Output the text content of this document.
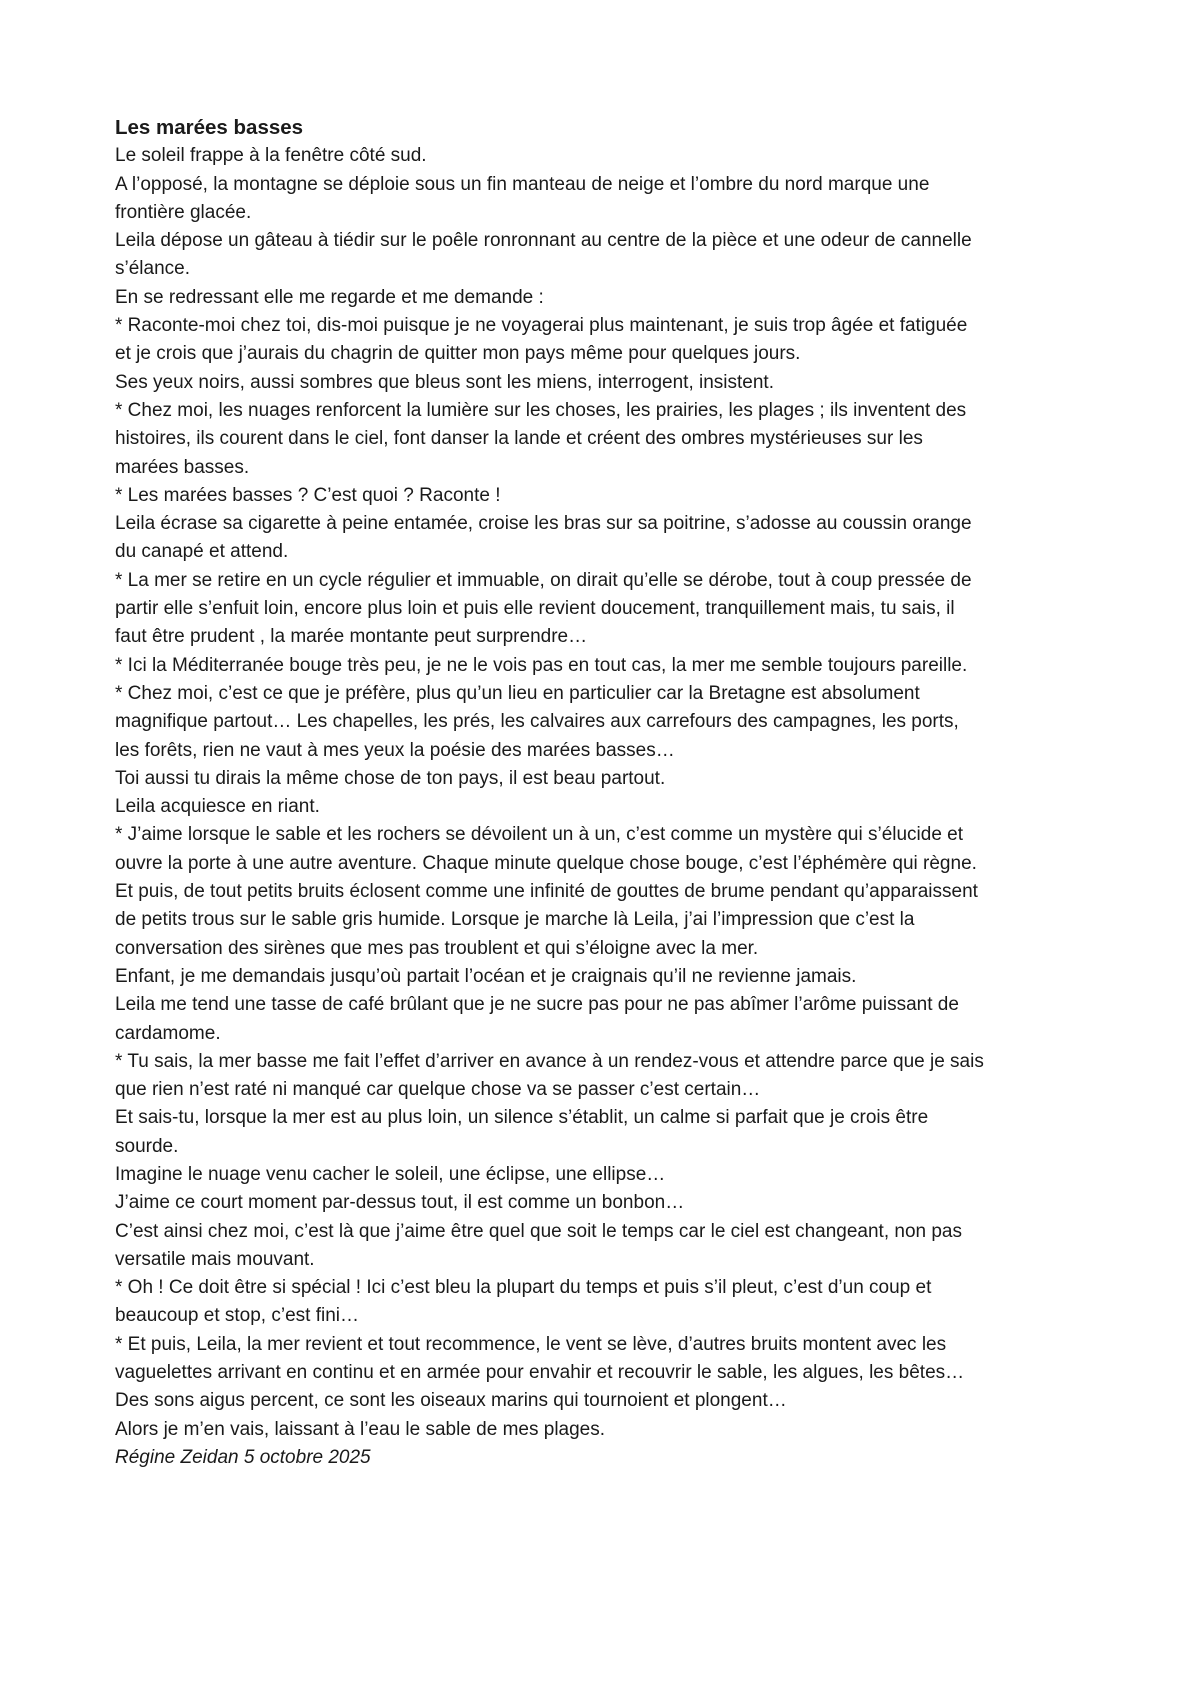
Les marées basses

Le soleil frappe à la fenêtre côté sud.

A l’opposé, la montagne se déploie sous un fin manteau de neige et l’ombre du nord marque une frontière glacée.

Leila dépose un gâteau à tiédir sur le poêle ronronnant au centre de la pièce et une odeur de cannelle s’élance.

En se redressant elle me regarde et me demande :

* Raconte-moi chez toi, dis-moi puisque je ne voyagerai plus maintenant, je suis trop âgée et fatiguée et je crois que j’aurais du chagrin de quitter mon pays même pour quelques jours.

Ses yeux noirs, aussi sombres que bleus sont les miens, interrogent, insistent.

* Chez moi, les nuages renforcent la lumière sur les choses, les prairies, les plages ; ils inventent des histoires, ils courent dans le ciel, font danser la lande et créent des ombres mystérieuses sur les marées basses.

* Les marées basses ? C’est quoi ? Raconte !

Leila écrase sa cigarette à peine entamée, croise les bras sur sa poitrine, s’adosse au coussin orange du canapé et attend.

* La mer se retire en un cycle régulier et immuable, on dirait qu’elle se dérobe, tout à coup pressée de partir elle s’enfuit loin, encore plus loin et puis elle revient doucement, tranquillement mais, tu sais, il faut être prudent , la marée montante peut surprendre…

* Ici la Méditerranée bouge très peu, je ne le vois pas en tout cas, la mer me semble toujours pareille.

* Chez moi, c’est ce que je préfère, plus qu’un lieu en particulier car la Bretagne est absolument magnifique partout… Les chapelles, les prés, les calvaires aux carrefours des campagnes, les ports, les forêts, rien ne vaut à mes yeux la poésie des marées basses…

Toi aussi tu dirais la même chose de ton pays, il est beau partout.

Leila acquiesce en riant.

* J’aime lorsque le sable et les rochers se dévoilent un à un, c’est comme un mystère qui s’élucide et ouvre la porte à une autre aventure. Chaque minute quelque chose bouge, c’est l’éphémère qui règne.

Et puis, de tout petits bruits éclosent comme une infinité de gouttes de brume pendant qu’apparaissent de petits trous sur le sable gris humide. Lorsque je marche là Leila, j’ai l’impression que c’est la conversation des sirènes que mes pas troublent et qui s’éloigne avec la mer.

Enfant, je me demandais jusqu’où partait l’océan et je craignais qu’il ne revienne jamais.

Leila me tend une tasse de café brûlant que je ne sucre pas pour ne pas abîmer l’arôme puissant de cardamome.

* Tu sais, la mer basse me fait l’effet d’arriver en avance à un rendez-vous et attendre parce que je sais que rien n’est raté ni manqué car quelque chose va se passer c’est certain…

Et sais-tu, lorsque la mer est au plus loin, un silence s’établit, un calme si parfait que je crois être sourde.

Imagine le nuage venu cacher le soleil, une éclipse, une ellipse…

J’aime ce court moment par-dessus tout, il est comme un bonbon…

C’est ainsi chez moi, c’est là que j’aime être quel que soit le temps car le ciel est changeant, non pas versatile mais mouvant.

* Oh ! Ce doit être si spécial ! Ici c’est bleu la plupart du temps et puis s’il pleut, c’est d’un coup et beaucoup et stop, c’est fini…

* Et puis, Leila, la mer revient et tout recommence, le vent se lève, d’autres bruits montent avec les vaguelettes arrivant en continu et en armée pour envahir et recouvrir le sable, les algues, les bêtes…

Des sons aigus percent, ce sont les oiseaux marins qui tournoient et plongent…

Alors je m’en vais, laissant à l’eau le sable de mes plages.

Régine Zeidan 5 octobre 2025
